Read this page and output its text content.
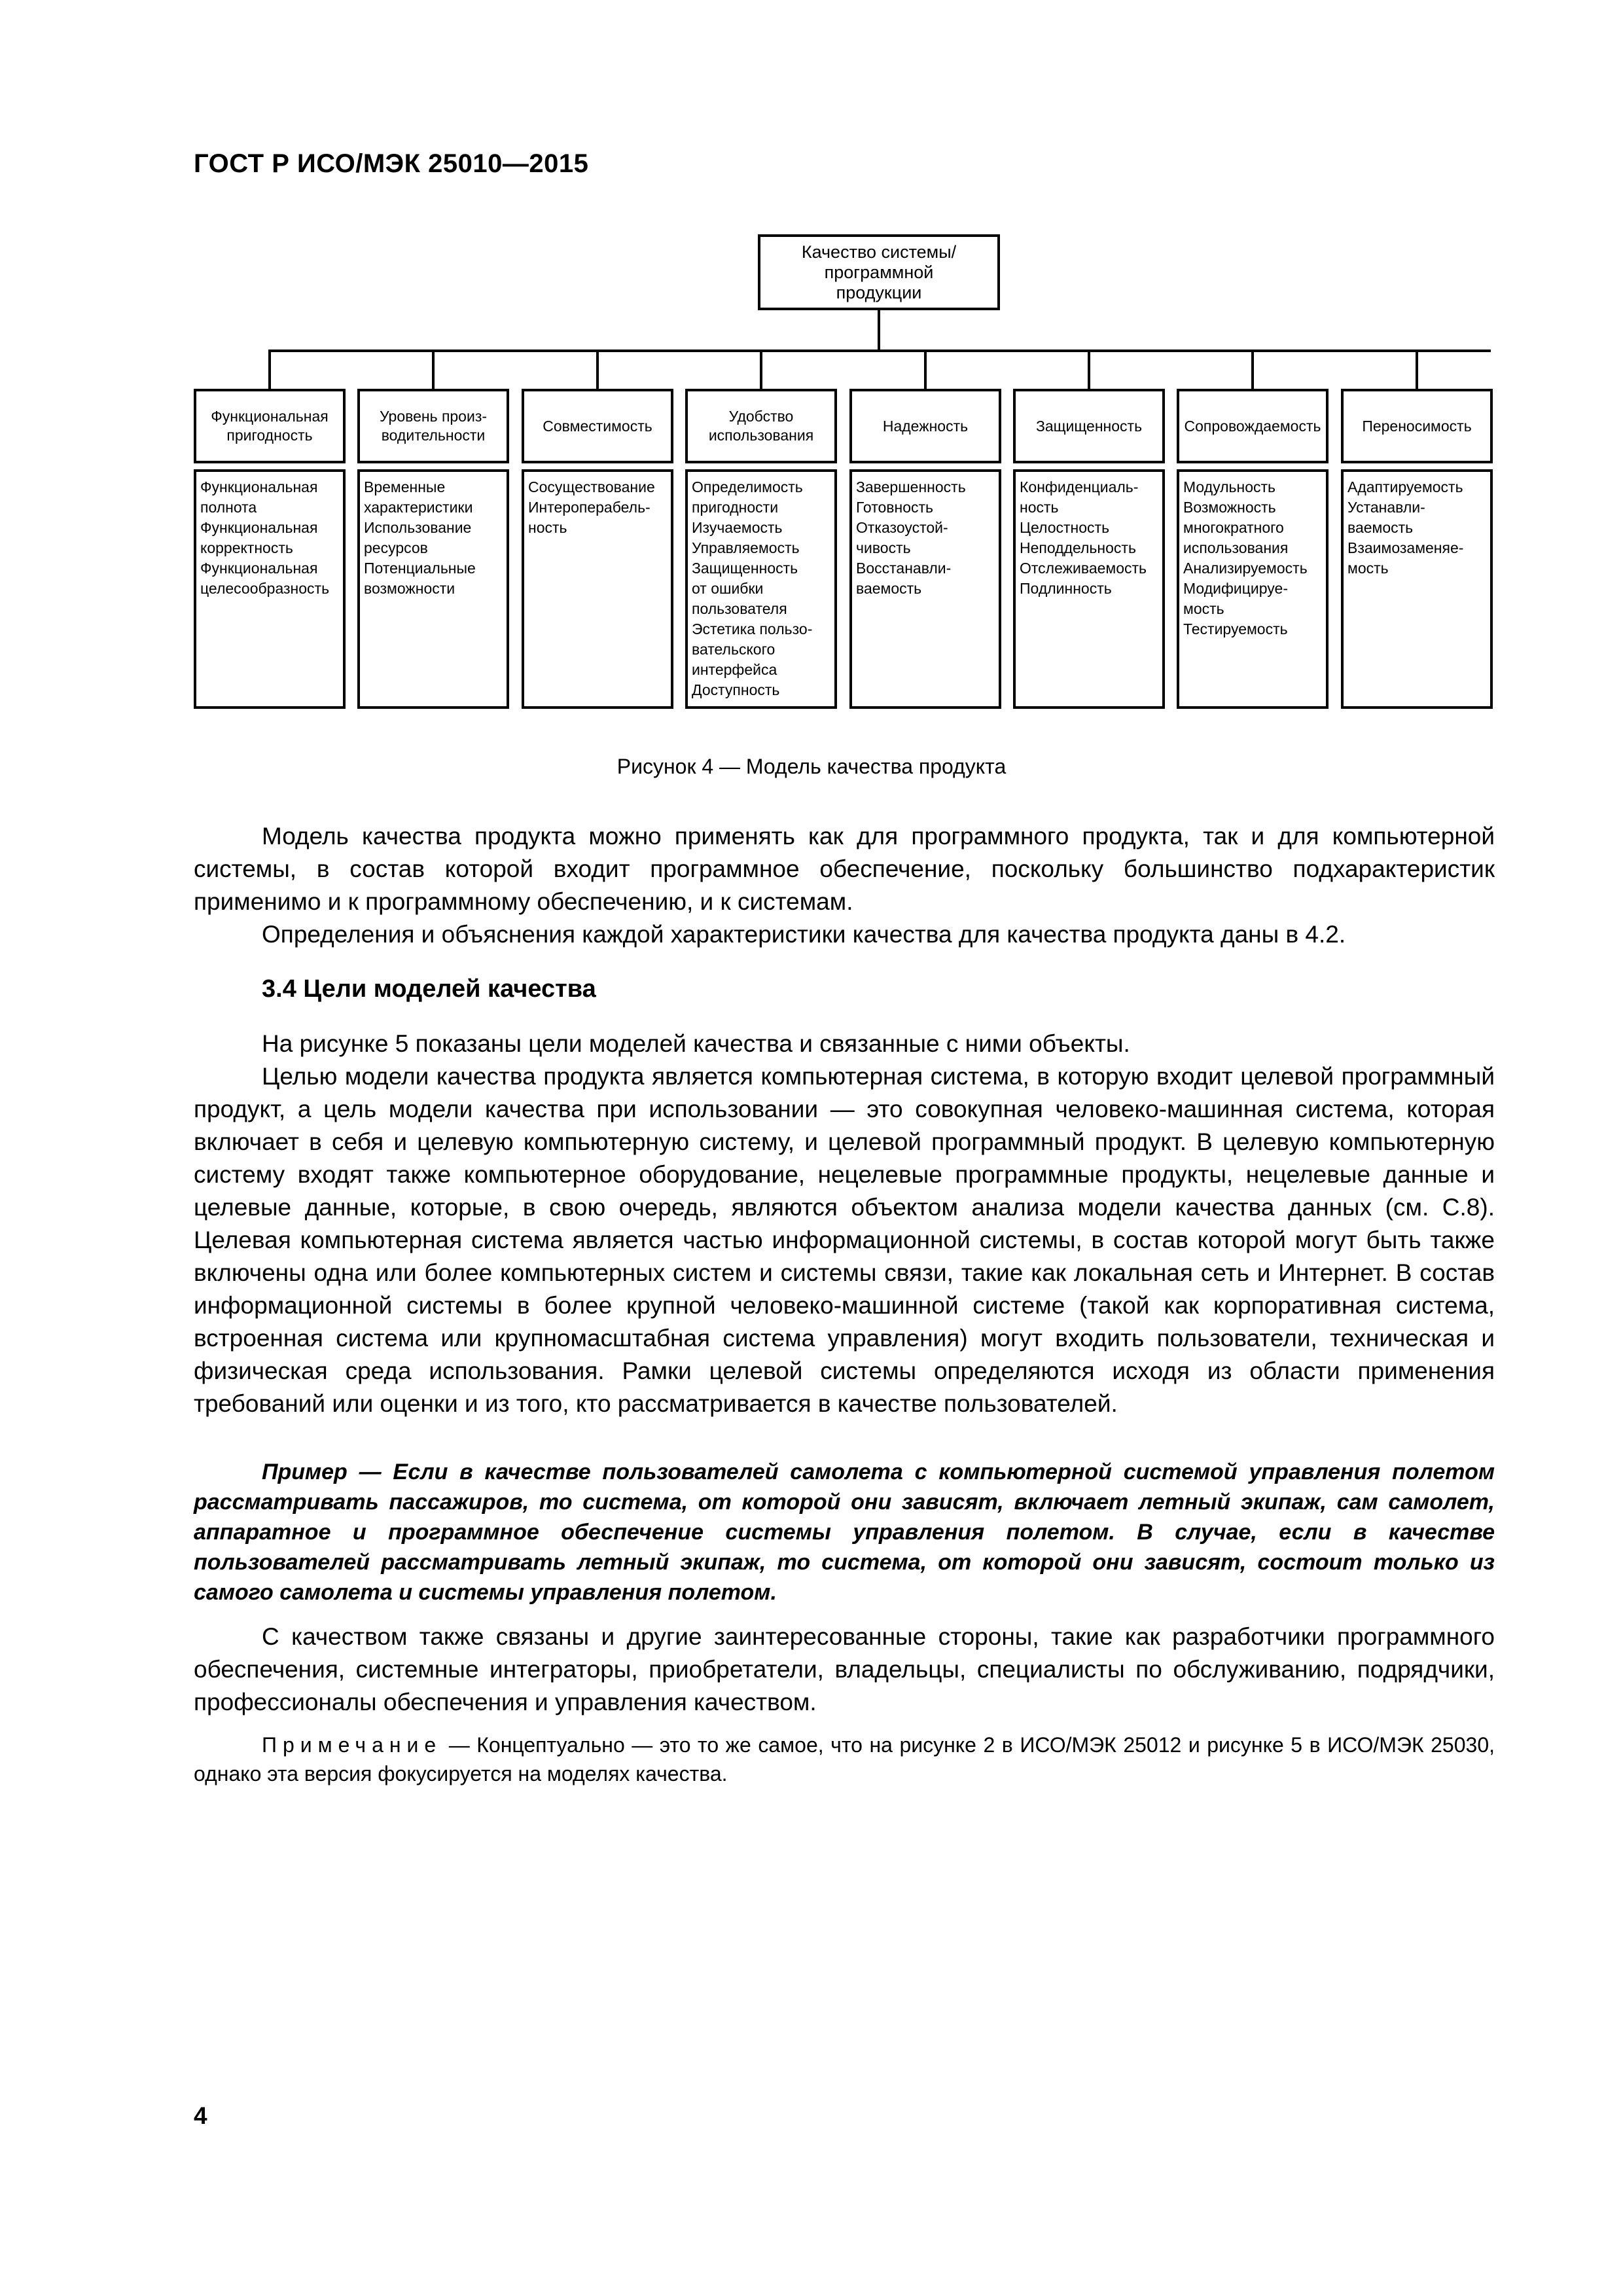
ГОСТ Р ИСО/МЭК 25010—2015
Качество системы/
программной
продукции
Функциональная
пригодность
Функциональная
полнота
Функциональная
корректность
Функциональная
целесообразность
Уровень произ-
водительности
Временные
характеристики
Использование
ресурсов
Потенциальные
возможности
Совместимость
Сосуществование
Интероперабель-
ность
Удобство
использования
Определимость
пригодности
Изучаемость
Управляемость
Защищенность
от ошибки
пользователя
Эстетика пользо-
вательского
интерфейса
Доступность
Надежность
Завершенность
Готовность
Отказоустой-
чивость
Восстанавли-
ваемость
Защищенность
Конфиденциаль-
ность
Целостность
Неподдельность
Отслеживаемость
Подлинность
Сопровождаемость
Модульность
Возможность
многократного
использования
Анализируемость
Модифицируе-
мость
Тестируемость
Переносимость
Адаптируемость
Устанавли-
ваемость
Взаимозаменяе-
мость
Рисунок 4 — Модель качества продукта

Модель качества продукта можно применять как для программного продукта, так и для компьютерной системы, в состав которой входит программное обеспечение, поскольку большинство подхарактеристик применимо и к программному обеспечению, и к системам.

Определения и объяснения каждой характеристики качества для качества продукта даны в 4.2.

3.4 Цели моделей качества

На рисунке 5 показаны цели моделей качества и связанные с ними объекты.

Целью модели качества продукта является компьютерная система, в которую входит целевой программный продукт, а цель модели качества при использовании — это совокупная человеко-машинная система, которая включает в себя и целевую компьютерную систему, и целевой программный продукт. В целевую компьютерную систему входят также компьютерное оборудование, нецелевые программные продукты, нецелевые данные и целевые данные, которые, в свою очередь, являются объектом анализа модели качества данных (см. С.8). Целевая компьютерная система является частью информационной системы, в состав которой могут быть также включены одна или более компьютерных систем и системы связи, такие как локальная сеть и Интернет. В состав информационной системы в более крупной человеко-машинной системе (такой как корпоративная система, встроенная система или крупномасштабная система управления) могут входить пользователи, техническая и физическая среда использования. Рамки целевой системы определяются исходя из области применения требований или оценки и из того, кто рассматривается в качестве пользователей.

Пример — Если в качестве пользователей самолета с компьютерной системой управления полетом рассматривать пассажиров, то система, от которой они зависят, включает летный экипаж, сам самолет, аппаратное и программное обеспечение системы управления полетом. В случае, если в качестве пользователей рассматривать летный экипаж, то система, от которой они зависят, состоит только из самого самолета и системы управления полетом.

С качеством также связаны и другие заинтересованные стороны, такие как разработчики программного обеспечения, системные интеграторы, приобретатели, владельцы, специалисты по обслуживанию, подрядчики, профессионалы обеспечения и управления качеством.

Примечание — Концептуально — это то же самое, что на рисунке 2 в ИСО/МЭК 25012 и рисунке 5 в ИСО/МЭК 25030, однако эта версия фокусируется на моделях качества.

4
